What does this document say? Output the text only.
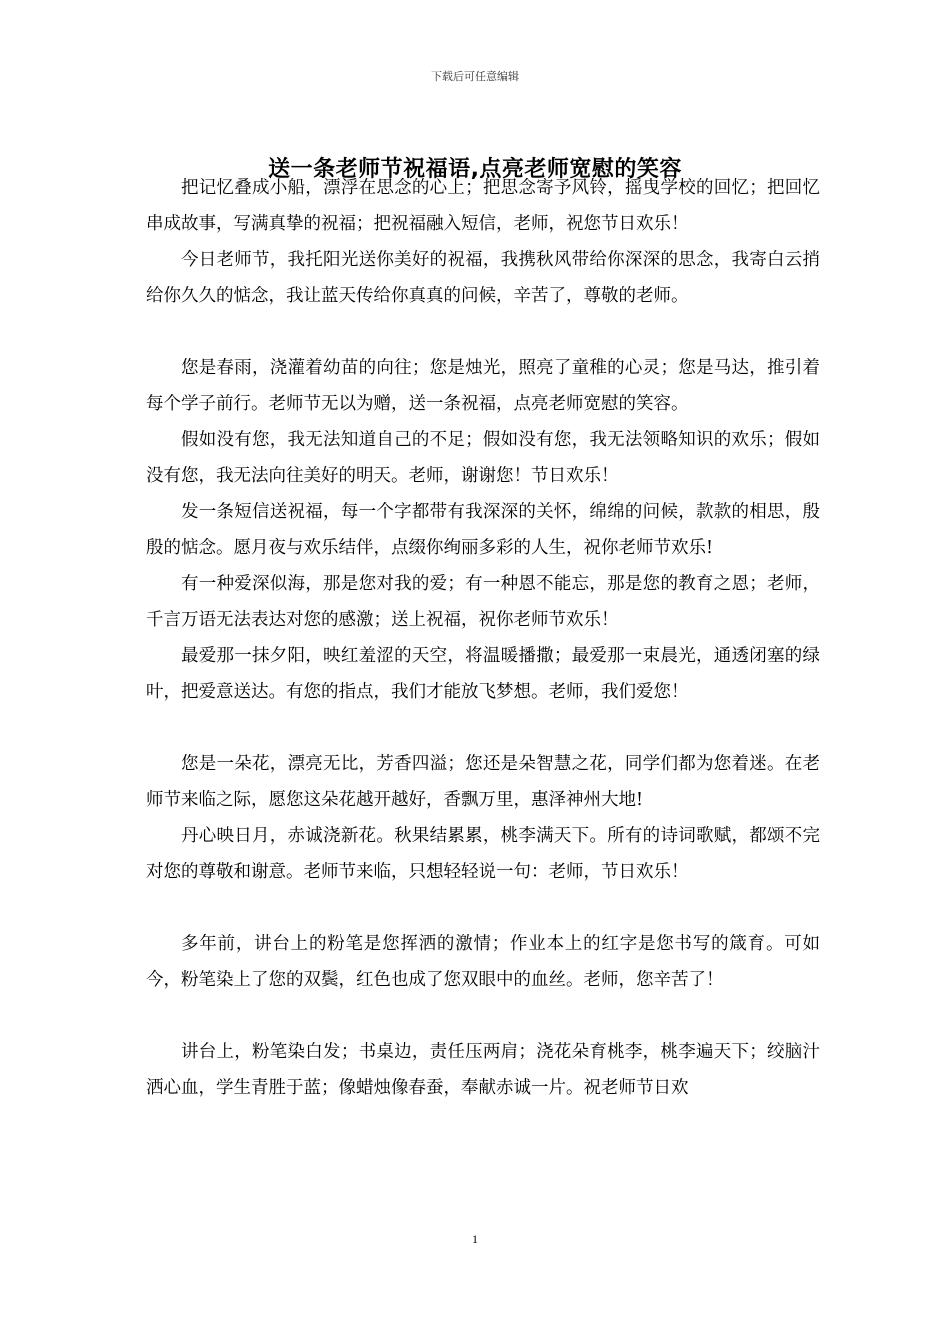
下载后可任意编辑
送一条老师节祝福语,点亮老师宽慰的笑容

把记忆叠成小船，漂浮在思念的心上；把思念寄予风铃，摇曳学校的回忆；把回忆串成故事，写满真挚的祝福；把祝福融入短信，老师，祝您节日欢乐！

今日老师节，我托阳光送你美好的祝福，我携秋风带给你深深的思念，我寄白云捎给你久久的惦念，我让蓝天传给你真真的问候，辛苦了，尊敬的老师。

您是春雨，浇灌着幼苗的向往；您是烛光，照亮了童稚的心灵；您是马达，推引着每个学子前行。老师节无以为赠，送一条祝福，点亮老师宽慰的笑容。

假如没有您，我无法知道自己的不足；假如没有您，我无法领略知识的欢乐；假如没有您，我无法向往美好的明天。老师，谢谢您！节日欢乐！

发一条短信送祝福，每一个字都带有我深深的关怀，绵绵的问候，款款的相思，殷殷的惦念。愿月夜与欢乐结伴，点缀你绚丽多彩的人生，祝你老师节欢乐!

有一种爱深似海，那是您对我的爱；有一种恩不能忘，那是您的教育之恩；老师，千言万语无法表达对您的感激；送上祝福，祝你老师节欢乐！

最爱那一抹夕阳，映红羞涩的天空，将温暖播撒；最爱那一束晨光，通透闭塞的绿叶，把爱意送达。有您的指点，我们才能放飞梦想。老师，我们爱您！

您是一朵花，漂亮无比，芳香四溢；您还是朵智慧之花，同学们都为您着迷。在老师节来临之际，愿您这朵花越开越好，香飘万里，惠泽神州大地!

丹心映日月，赤诚浇新花。秋果结累累，桃李满天下。所有的诗词歌赋，都颂不完对您的尊敬和谢意。老师节来临，只想轻轻说一句：老师，节日欢乐！

多年前，讲台上的粉笔是您挥洒的激情；作业本上的红字是您书写的箴育。可如今，粉笔染上了您的双鬓，红色也成了您双眼中的血丝。老师，您辛苦了！

讲台上，粉笔染白发；书桌边，责任压两肩；浇花朵育桃李，桃李遍天下；绞脑汁洒心血，学生青胜于蓝；像蜡烛像春蚕，奉献赤诚一片。祝老师节日欢

1
